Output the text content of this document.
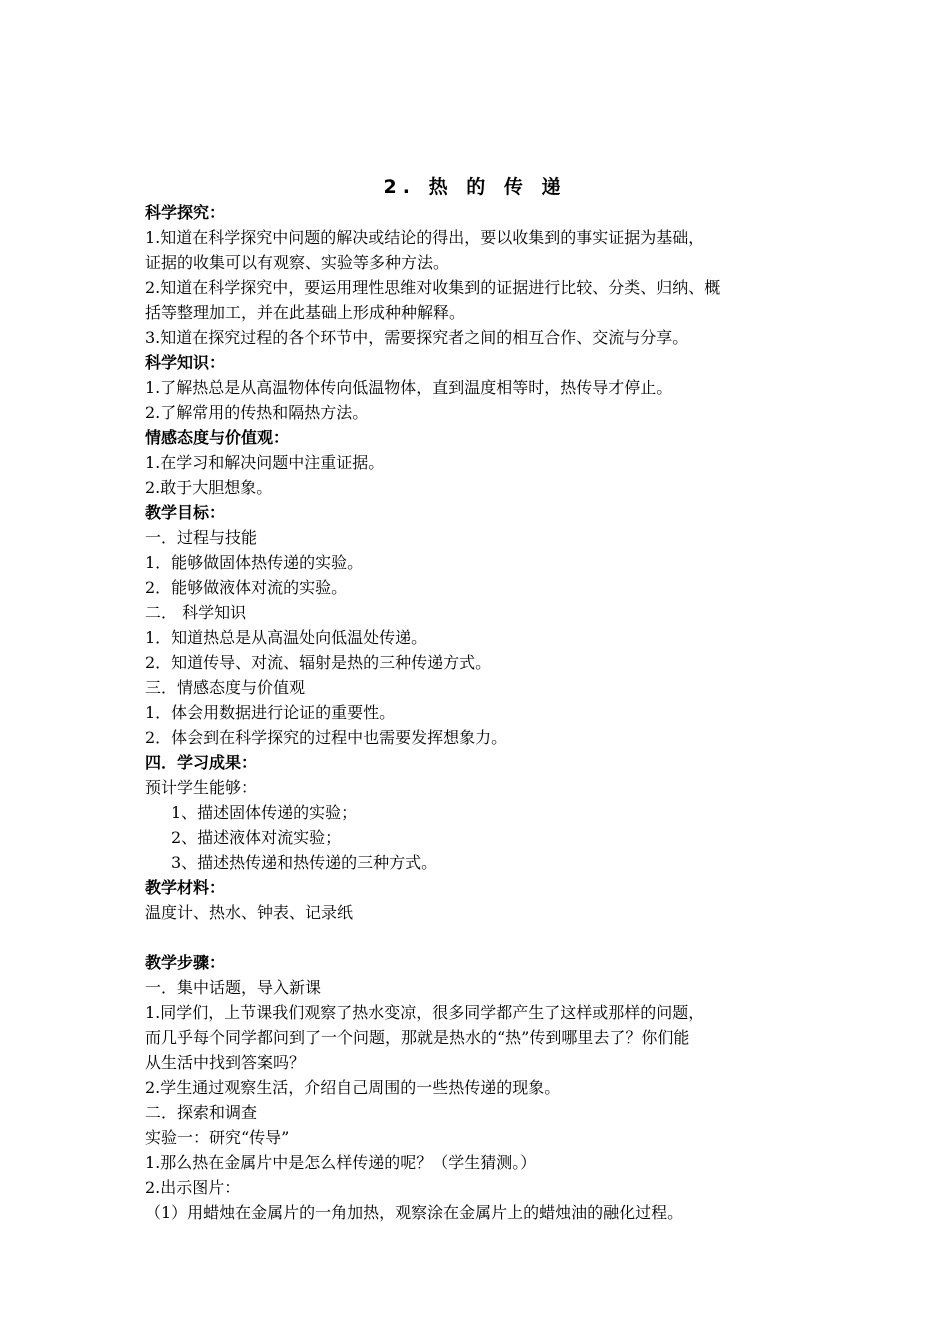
2. 热 的 传 递

科学探究：

1.知道在科学探究中问题的解决或结论的得出，要以收集到的事实证据为基础，

证据的收集可以有观察、实验等多种方法。

2.知道在科学探究中，要运用理性思维对收集到的证据进行比较、分类、归纳、概

括等整理加工，并在此基础上形成种种解释。

3.知道在探究过程的各个环节中，需要探究者之间的相互合作、交流与分享。

科学知识：

1.了解热总是从高温物体传向低温物体，直到温度相等时，热传导才停止。

2.了解常用的传热和隔热方法。

情感态度与价值观：

1.在学习和解决问题中注重证据。

2.敢于大胆想象。

教学目标：

一．过程与技能

1．能够做固体热传递的实验。

2．能够做液体对流的实验。

二． 科学知识

1．知道热总是从高温处向低温处传递。

2．知道传导、对流、辐射是热的三种传递方式。

三．情感态度与价值观

1．体会用数据进行论证的重要性。

2．体会到在科学探究的过程中也需要发挥想象力。

四．学习成果：

预计学生能够：

1、描述固体传递的实验；

2、描述液体对流实验；

3、描述热传递和热传递的三种方式。

教学材料：

温度计、热水、钟表、记录纸

教学步骤：

一．集中话题，导入新课

1.同学们，上节课我们观察了热水变凉，很多同学都产生了这样或那样的问题，

而几乎每个同学都问到了一个问题，那就是热水的“热”传到哪里去了？你们能

从生活中找到答案吗？

2.学生通过观察生活，介绍自己周围的一些热传递的现象。

二．探索和调查

实验一：研究“传导”

1.那么热在金属片中是怎么样传递的呢？（学生猜测。）

2.出示图片：

（1）用蜡烛在金属片的一角加热，观察涂在金属片上的蜡烛油的融化过程。
